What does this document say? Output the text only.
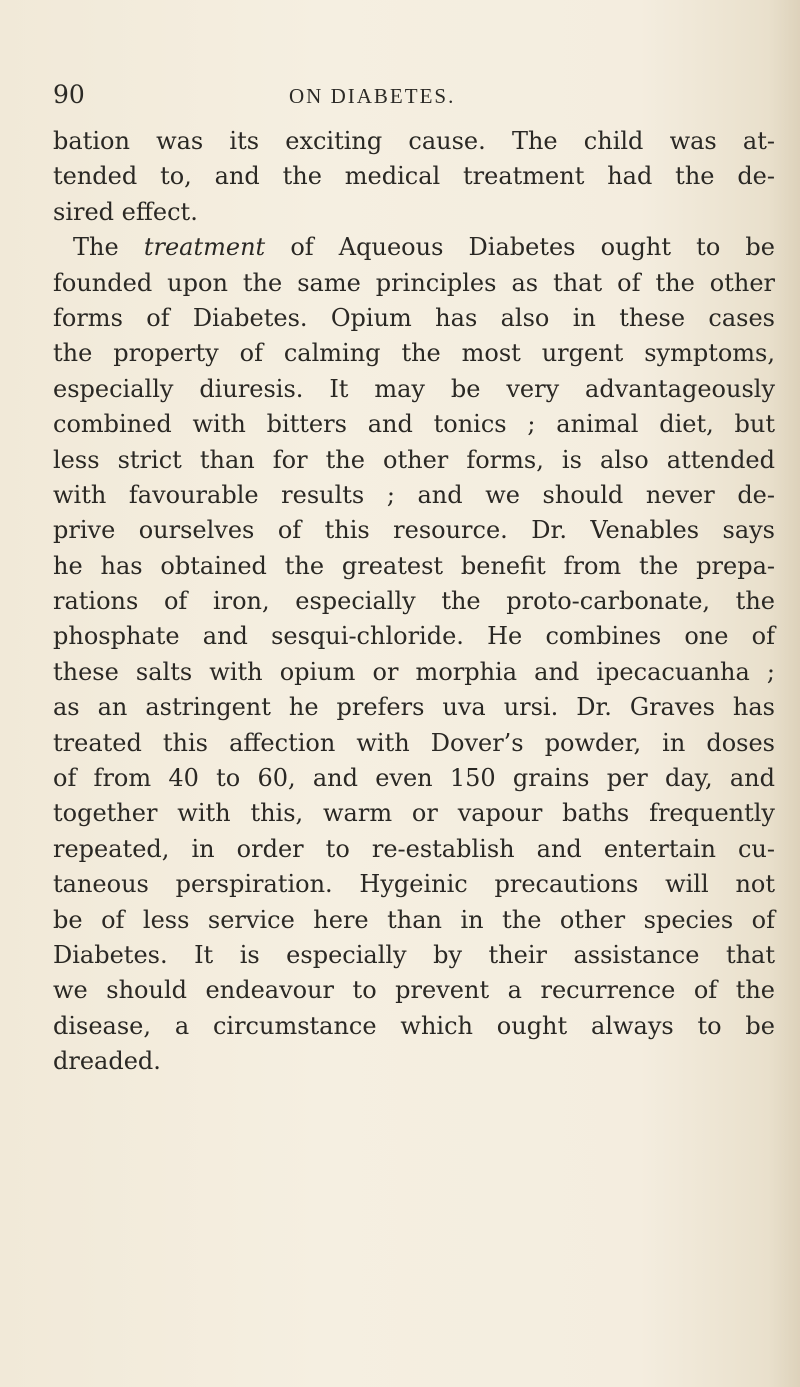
90	ON DIABETES.
bation was its exciting cause. The child was at-
tended to, and the medical treatment had the de-
sired effect.
The treatment of Aqueous Diabetes ought to be
founded upon the same principles as that of the other
forms of Diabetes. Opium has also in these cases
the property of calming the most urgent symptoms,
especially diuresis. It may be very advantageously
combined with bitters and tonics ; animal diet, but
less strict than for the other forms, is also attended
with favourable results ; and we should never de-
prive ourselves of this resource. Dr. Venables says
he has obtained the greatest benefit from the prepa-
rations of iron, especially the proto-carbonate, the
phosphate and sesqui-chloride. He combines one of
these salts with opium or morphia and ipecacuanha ;
as an astringent he prefers uva ursi. Dr. Graves has
treated this affection with Dover’s powder, in doses
of from 40 to 60, and even 150 grains per day, and
together with this, warm or vapour baths frequently
repeated, in order to re-establish and entertain cu-
taneous perspiration. Hygeinic precautions will not
be of less service here than in the other species of
Diabetes. It is especially by their assistance that
we should endeavour to prevent a recurrence of the
disease, a circumstance which ought always to be
dreaded.
